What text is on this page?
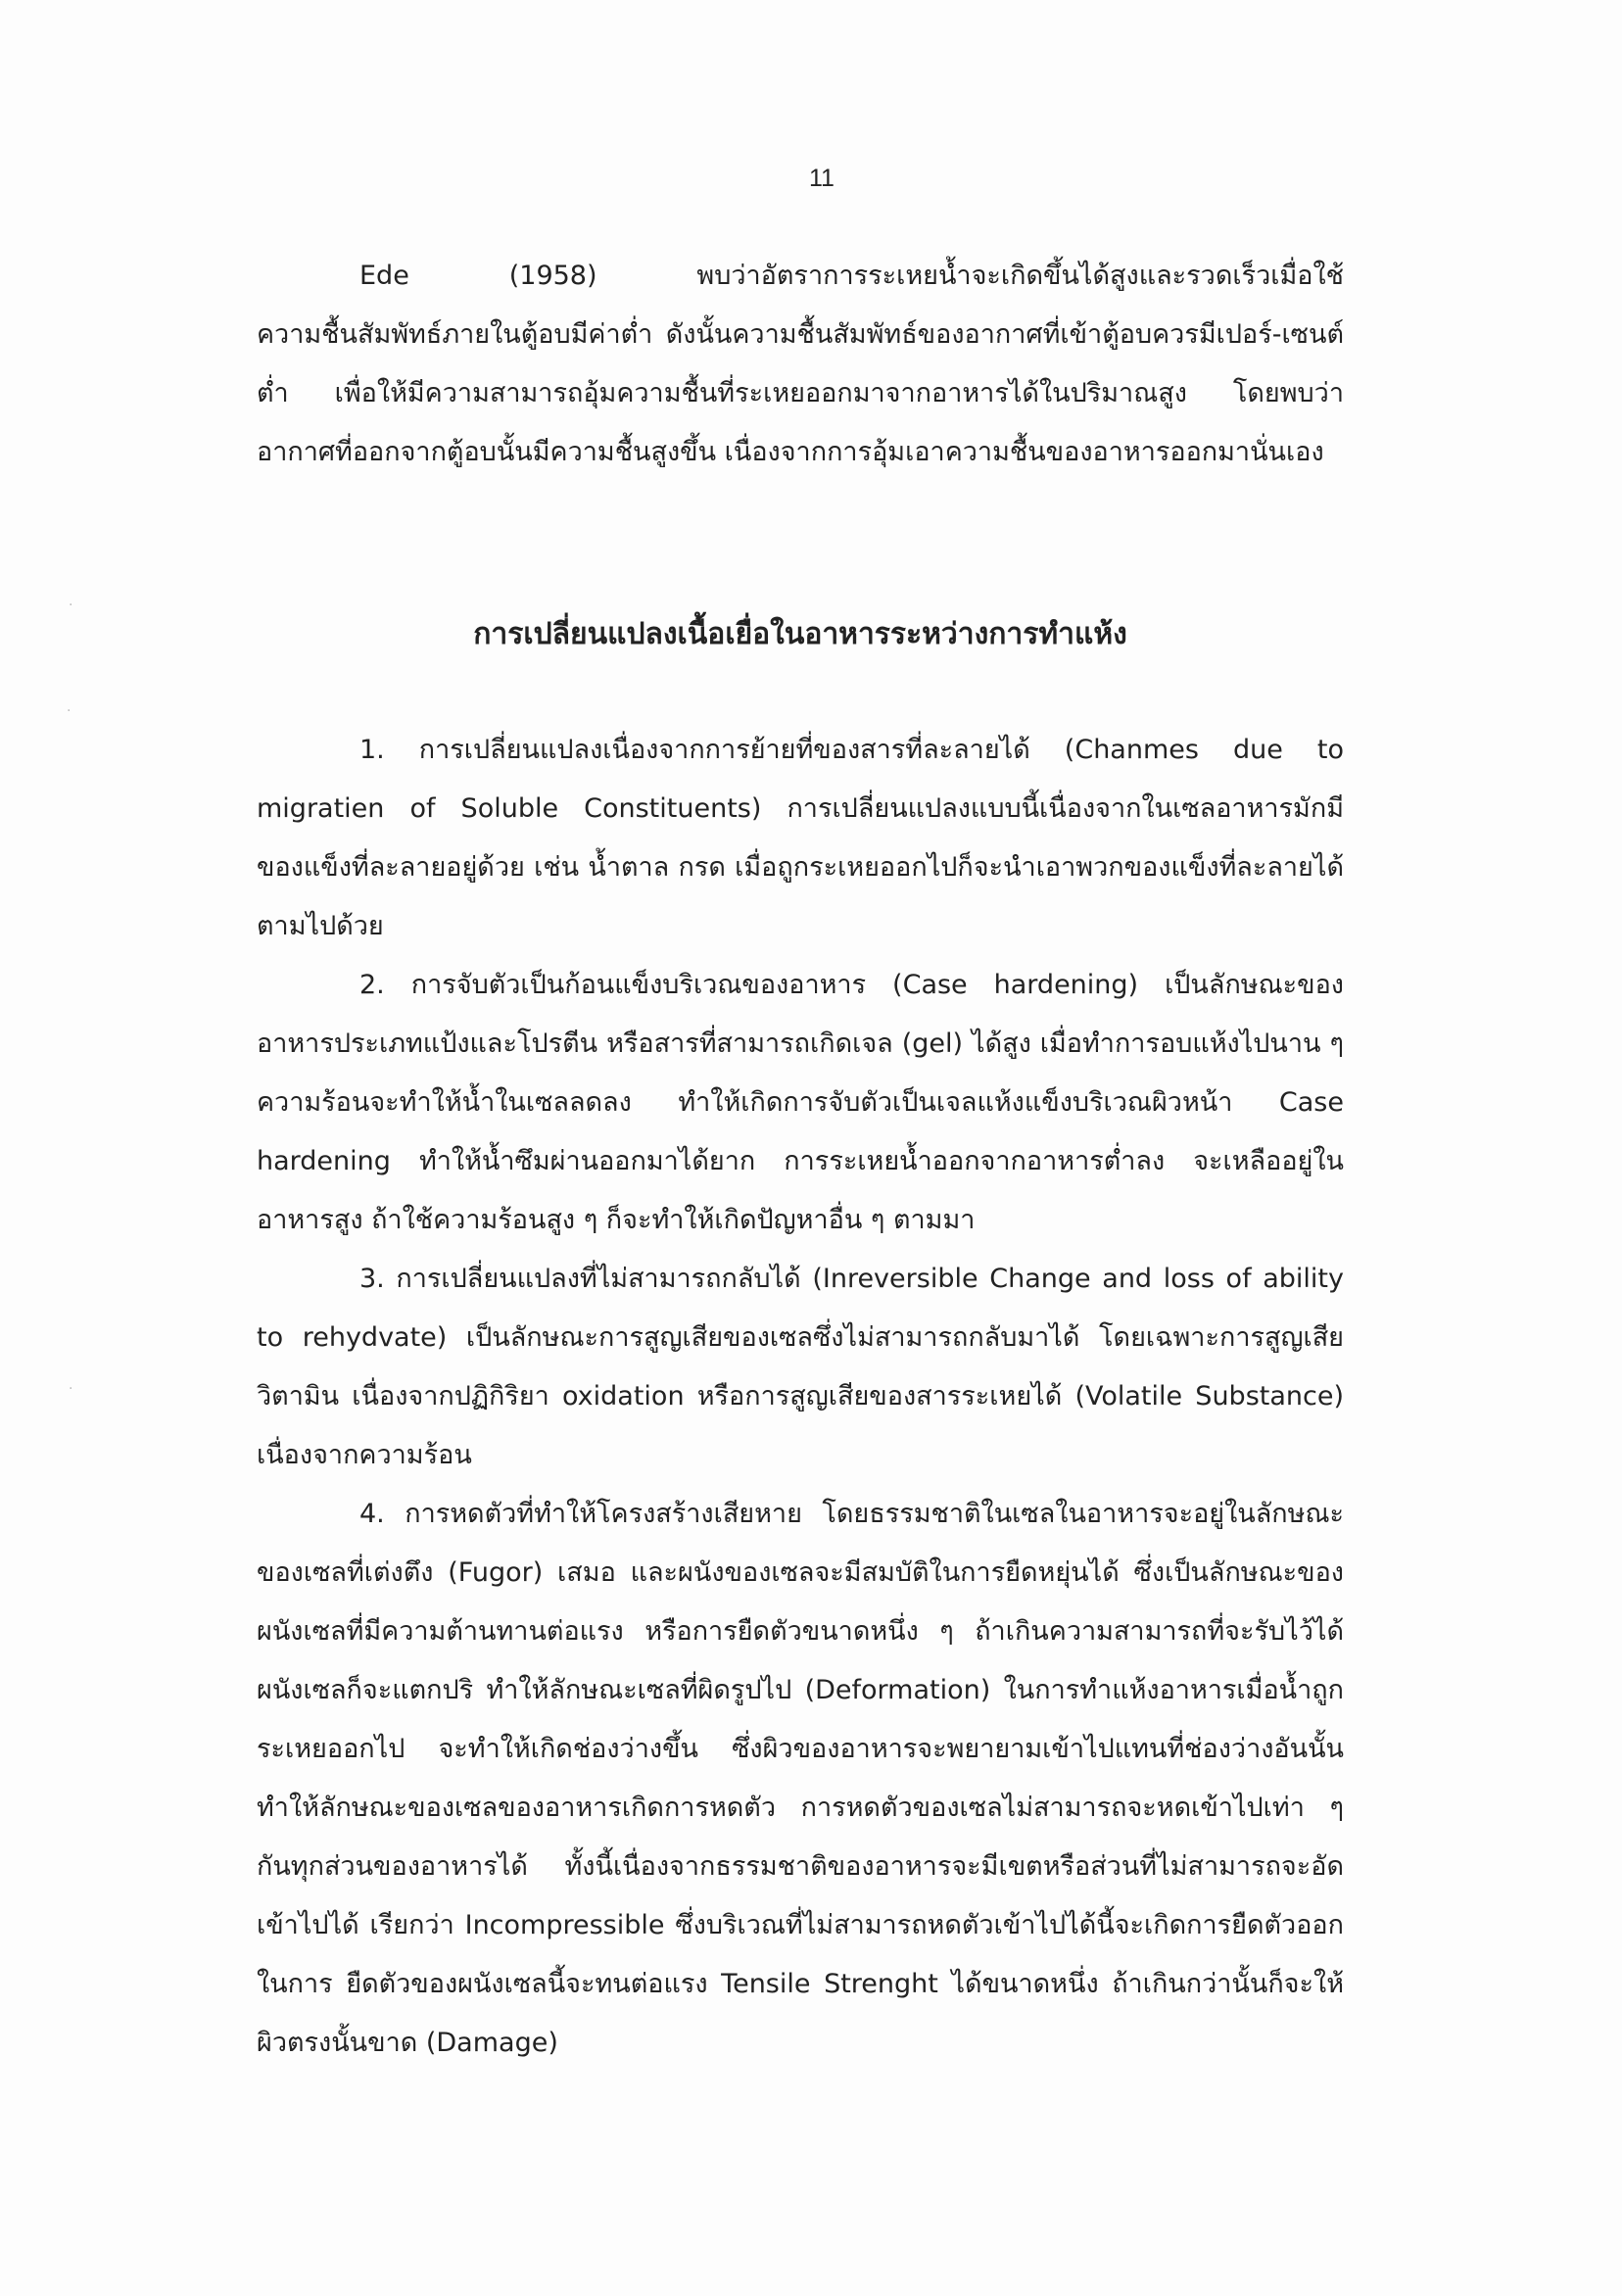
·
·
·
11

Ede (1958) พบว่าอัตราการระเหยน้ำจะเกิดขึ้นได้สูงและรวดเร็วเมื่อใช้ความชื้นสัมพัทธ์ภายในตู้อบมีค่าต่ำ ดังนั้นความชื้นสัมพัทธ์ของอากาศที่เข้าตู้อบควรมีเปอร์-เซนต์ต่ำ เพื่อให้มีความสามารถอุ้มความชื้นที่ระเหยออกมาจากอาหารได้ในปริมาณสูง โดยพบว่า อากาศที่ออกจากตู้อบนั้นมีความชื้นสูงขึ้น เนื่องจากการอุ้มเอาความชื้นของอาหารออกมานั่นเอง

การเปลี่ยนแปลงเนื้อเยื่อในอาหารระหว่างการทำแห้ง

1. การเปลี่ยนแปลงเนื่องจากการย้ายที่ของสารที่ละลายได้ (Chanmes due to migratien of Soluble Constituents) การเปลี่ยนแปลงแบบนี้เนื่องจากในเซลอาหารมักมีของแข็งที่ละลายอยู่ด้วย เช่น น้ำตาล กรด เมื่อถูกระเหยออกไปก็จะนำเอาพวกของแข็งที่ละลายได้ตามไปด้วย

2. การจับตัวเป็นก้อนแข็งบริเวณของอาหาร (Case hardening) เป็นลักษณะของอาหารประเภทแป้งและโปรตีน หรือสารที่สามารถเกิดเจล (gel) ได้สูง เมื่อทำการอบแห้งไปนาน ๆ ความร้อนจะทำให้น้ำในเซลลดลง ทำให้เกิดการจับตัวเป็นเจลแห้งแข็งบริเวณผิวหน้า Case hardening ทำให้น้ำซึมผ่านออกมาได้ยาก การระเหยน้ำออกจากอาหารต่ำลง จะเหลืออยู่ในอาหารสูง ถ้าใช้ความร้อนสูง ๆ ก็จะทำให้เกิดปัญหาอื่น ๆ ตามมา

3. การเปลี่ยนแปลงที่ไม่สามารถกลับได้ (Inreversible Change and loss of ability to rehydvate) เป็นลักษณะการสูญเสียของเซลซึ่งไม่สามารถกลับมาได้ โดยเฉพาะการสูญเสียวิตามิน เนื่องจากปฏิกิริยา oxidation หรือการสูญเสียของสารระเหยได้ (Volatile Substance) เนื่องจากความร้อน

4. การหดตัวที่ทำให้โครงสร้างเสียหาย โดยธรรมชาติในเซลในอาหารจะอยู่ในลักษณะของเซลที่เต่งตึง (Fugor) เสมอ และผนังของเซลจะมีสมบัติในการยืดหยุ่นได้ ซึ่งเป็นลักษณะของผนังเซลที่มีความต้านทานต่อแรง หรือการยืดตัวขนาดหนึ่ง ๆ ถ้าเกินความสามารถที่จะรับไว้ได้ผนังเซลก็จะแตกปริ ทำให้ลักษณะเซลที่ผิดรูปไป (Deformation) ในการทำแห้งอาหารเมื่อน้ำถูกระเหยออกไป จะทำให้เกิดช่องว่างขึ้น ซึ่งผิวของอาหารจะพยายามเข้าไปแทนที่ช่องว่างอันนั้น ทำให้ลักษณะของเซลของอาหารเกิดการหดตัว การหดตัวของเซลไม่สามารถจะหดเข้าไปเท่า ๆ กันทุกส่วนของอาหารได้ ทั้งนี้เนื่องจากธรรมชาติของอาหารจะมีเขตหรือส่วนที่ไม่สามารถจะอัดเข้าไปได้ เรียกว่า Incompressible ซึ่งบริเวณที่ไม่สามารถหดตัวเข้าไปได้นี้จะเกิดการยืดตัวออก ในการ ยืดตัวของผนังเซลนี้จะทนต่อแรง Tensile Strenght ได้ขนาดหนึ่ง ถ้าเกินกว่านั้นก็จะให้ผิวตรงนั้นขาด (Damage)
